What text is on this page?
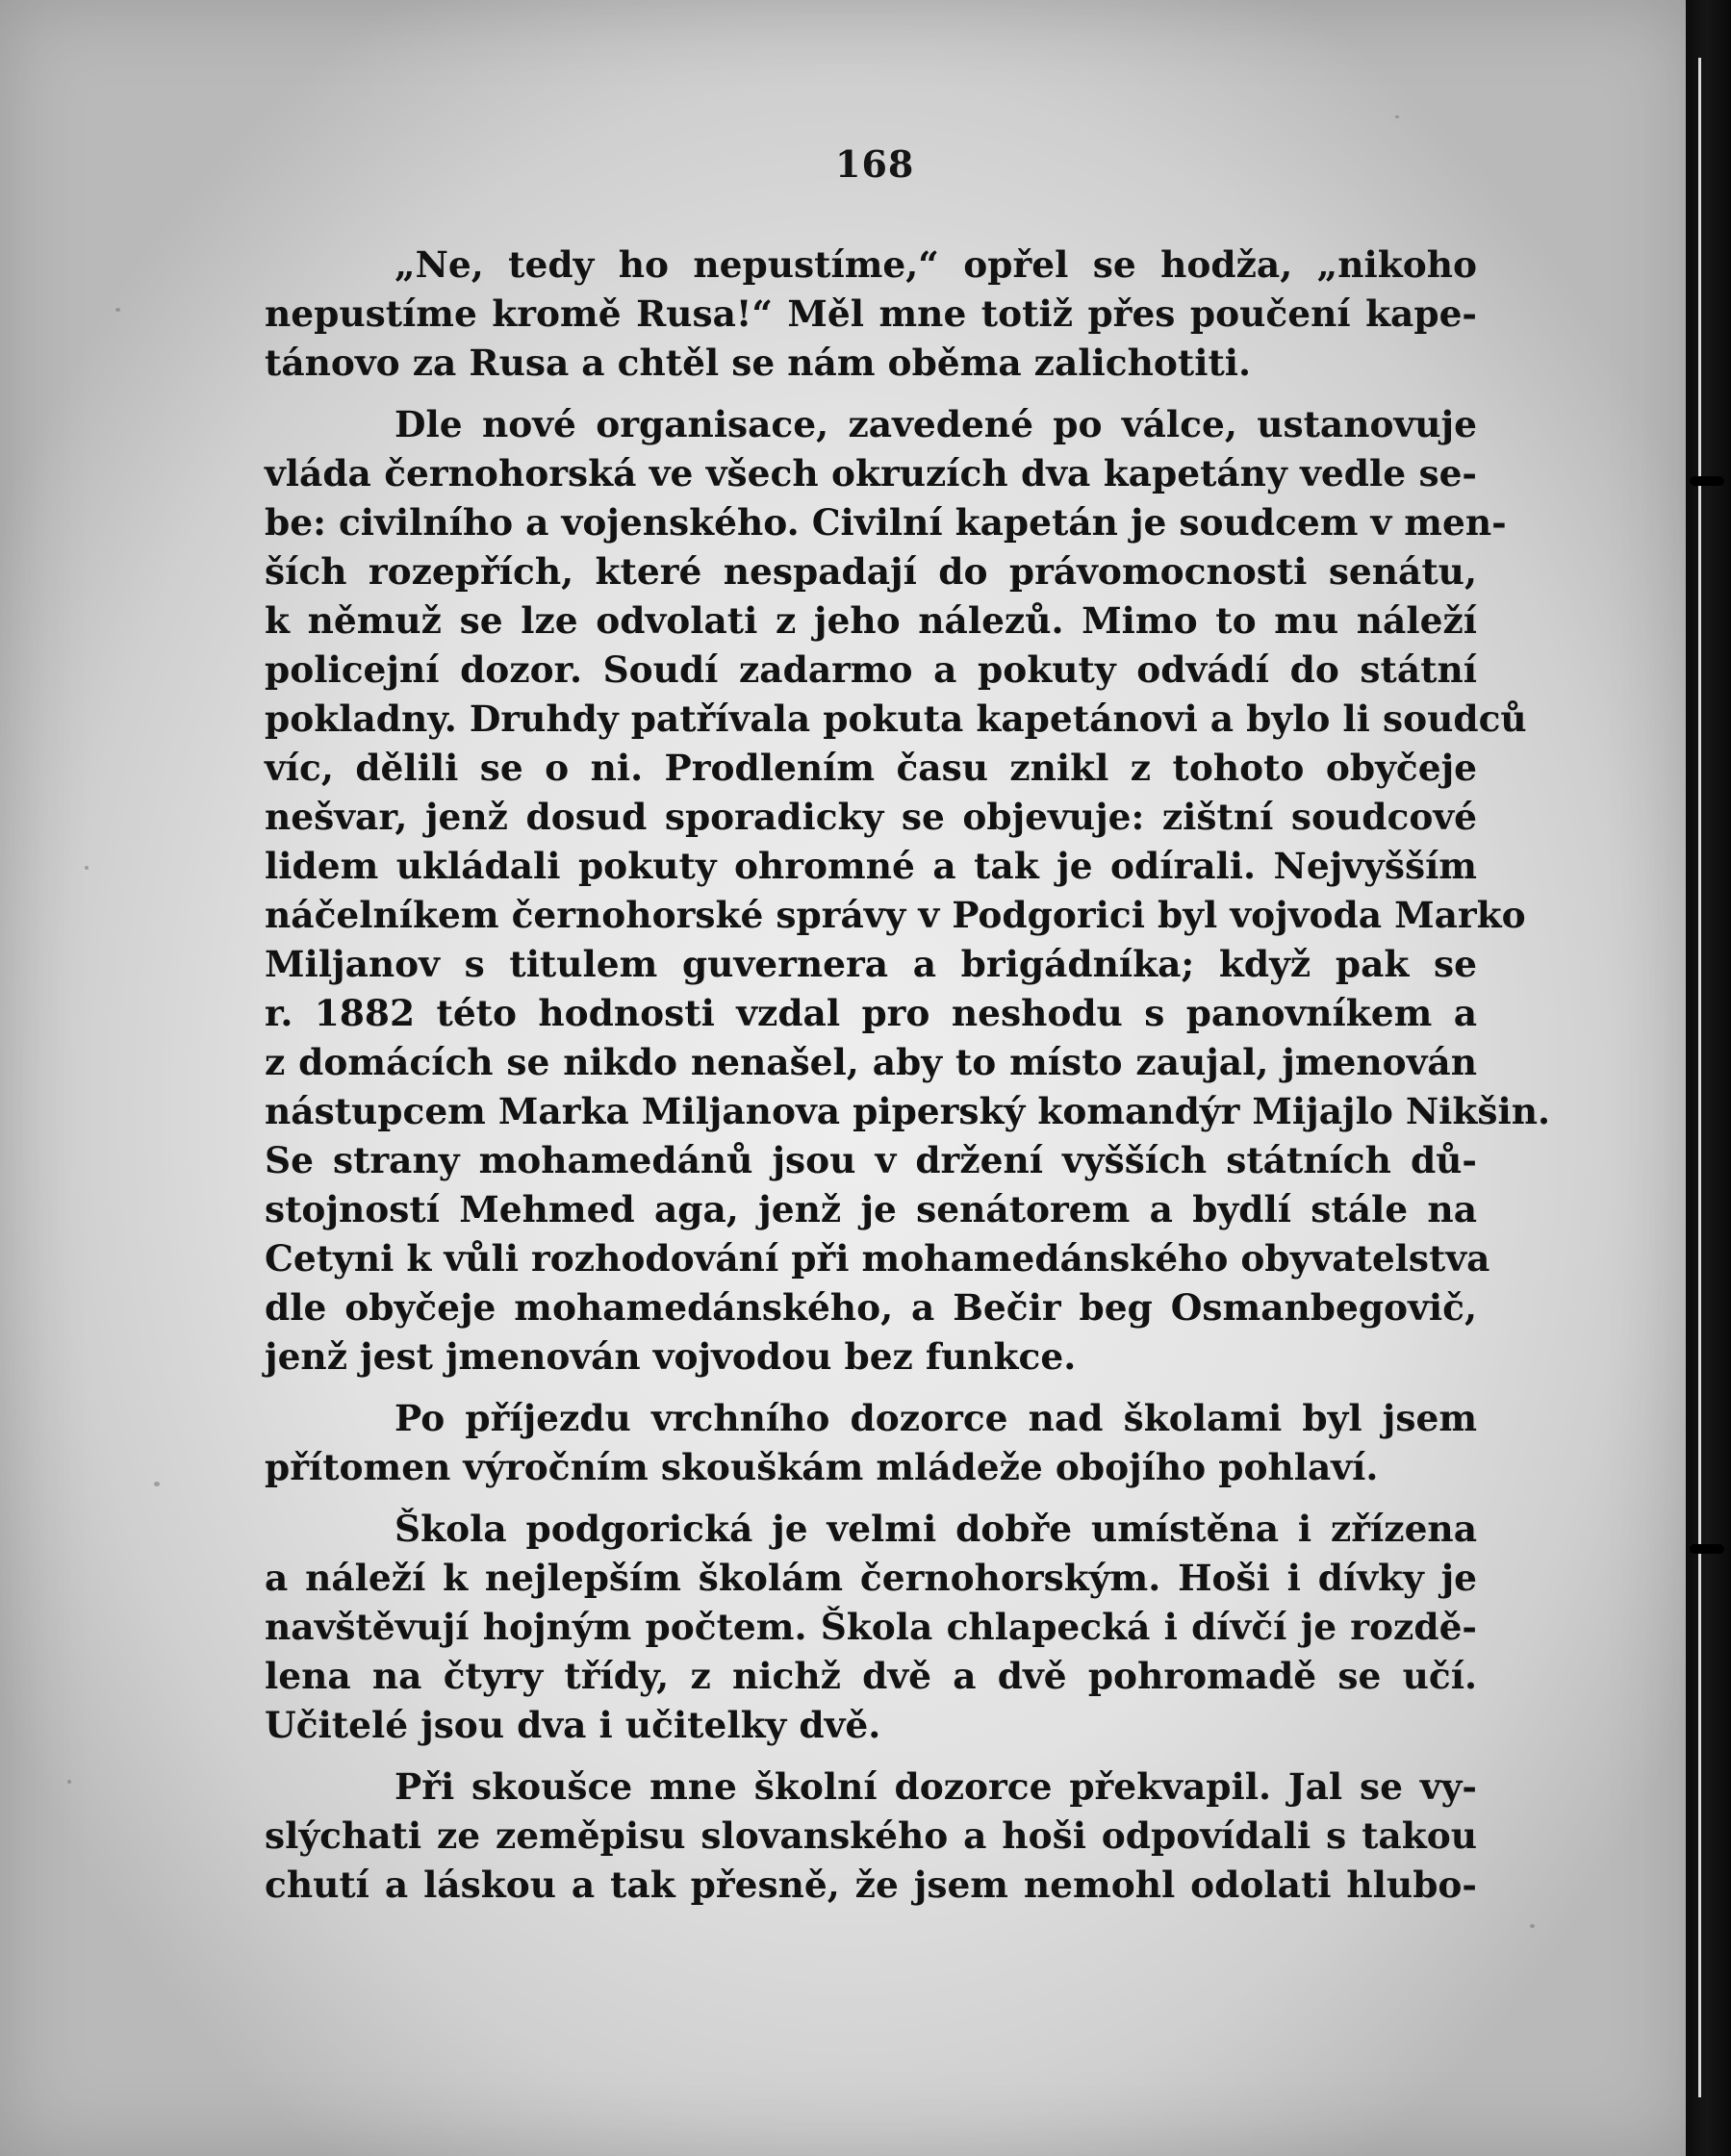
168
„Ne, tedy ho nepustíme,“ opřel se hodža, „nikoho
nepustíme kromě Rusa!“ Měl mne totiž přes poučení kape-
tánovo za Rusa a chtěl se nám oběma zalichotiti.
Dle nové organisace, zavedené po válce, ustanovuje
vláda černohorská ve všech okruzích dva kapetány vedle se-
be: civilního a vojenského. Civilní kapetán je soudcem v men-
ších rozepřích, které nespadají do právomocnosti senátu,
k němuž se lze odvolati z jeho nálezů. Mimo to mu náleží
policejní dozor. Soudí zadarmo a pokuty odvádí do státní
pokladny. Druhdy patřívala pokuta kapetánovi a bylo li soudců
víc, dělili se o ni. Prodlením času znikl z tohoto obyčeje
nešvar, jenž dosud sporadicky se objevuje: zištní soudcové
lidem ukládali pokuty ohromné a tak je odírali. Nejvyšším
náčelníkem černohorské správy v Podgorici byl vojvoda Marko
Miljanov s titulem guvernera a brigádníka; když pak se
r. 1882 této hodnosti vzdal pro neshodu s panovníkem a
z domácích se nikdo nenašel, aby to místo zaujal, jmenován
nástupcem Marka Miljanova piperský komandýr Mijajlo Nikšin.
Se strany mohamedánů jsou v držení vyšších státních dů-
stojností Mehmed aga, jenž je senátorem a bydlí stále na
Cetyni k vůli rozhodování při mohamedánského obyvatelstva
dle obyčeje mohamedánského, a Bečir beg Osmanbegovič,
jenž jest jmenován vojvodou bez funkce.
Po příjezdu vrchního dozorce nad školami byl jsem
přítomen výročním skouškám mládeže obojího pohlaví.
Škola podgorická je velmi dobře umístěna i zřízena
a náleží k nejlepším školám černohorským. Hoši i dívky je
navštěvují hojným počtem. Škola chlapecká i dívčí je rozdě-
lena na čtyry třídy, z nichž dvě a dvě pohromadě se učí.
Učitelé jsou dva i učitelky dvě.
Při skoušce mne školní dozorce překvapil. Jal se vy-
slýchati ze zeměpisu slovanského a hoši odpovídali s takou
chutí a láskou a tak přesně, že jsem nemohl odolati hlubo-
